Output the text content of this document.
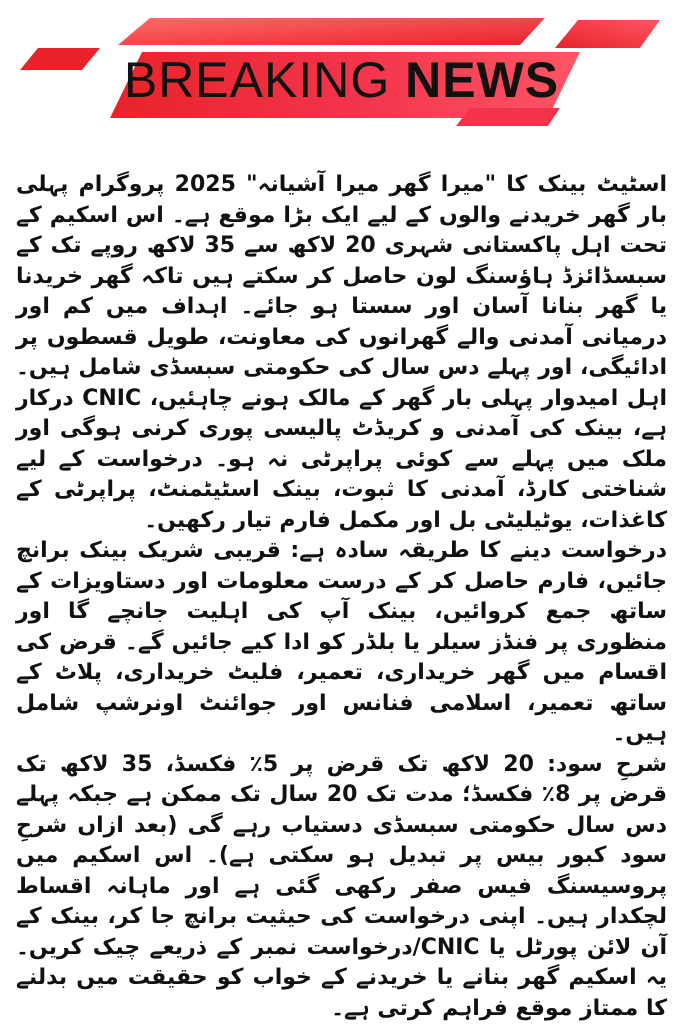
BREAKING NEWS

اسٹیٹ بینک کا "میرا گھر میرا آشیانہ" 2025 پروگرام پہلی بار گھر خریدنے والوں کے لیے ایک بڑا موقع ہے۔ اس اسکیم کے تحت اہل پاکستانی شہری 20 لاکھ سے 35 لاکھ روپے تک کے سبسڈائزڈ ہاؤسنگ لون حاصل کر سکتے ہیں تاکہ گھر خریدنا یا گھر بنانا آسان اور سستا ہو جائے۔ اہداف میں کم اور درمیانی آمدنی والے گھرانوں کی معاونت، طویل قسطوں پر ادائیگی، اور پہلے دس سال کی حکومتی سبسڈی شامل ہیں۔ اہل امیدوار پہلی بار گھر کے مالک ہونے چاہئیں، CNIC درکار ہے، بینک کی آمدنی و کریڈٹ پالیسی پوری کرنی ہوگی اور ملک میں پہلے سے کوئی پراپرٹی نہ ہو۔ درخواست کے لیے شناختی کارڈ، آمدنی کا ثبوت، بینک اسٹیٹمنٹ، پراپرٹی کے کاغذات، یوٹیلیٹی بل اور مکمل فارم تیار رکھیں۔

درخواست دینے کا طریقہ سادہ ہے: قریبی شریک بینک برانچ جائیں، فارم حاصل کر کے درست معلومات اور دستاویزات کے ساتھ جمع کروائیں، بینک آپ کی اہلیت جانچے گا اور منظوری پر فنڈز سیلر یا بلڈر کو ادا کیے جائیں گے۔ قرض کی اقسام میں گھر خریداری، تعمیر، فلیٹ خریداری، پلاٹ کے ساتھ تعمیر، اسلامی فنانس اور جوائنٹ اونرشپ شامل ہیں۔

شرحِ سود: 20 لاکھ تک قرض پر 5٪ فکسڈ، 35 لاکھ تک قرض پر 8٪ فکسڈ؛ مدت تک 20 سال تک ممکن ہے جبکہ پہلے دس سال حکومتی سبسڈی دستیاب رہے گی (بعد ازاں شرحِ سود کبور بیس پر تبدیل ہو سکتی ہے)۔ اس اسکیم میں پروسیسنگ فیس صفر رکھی گئی ہے اور ماہانہ اقساط لچکدار ہیں۔ اپنی درخواست کی حیثیت برانچ جا کر، بینک کے آن لائن پورٹل یا CNIC/درخواست نمبر کے ذریعے چیک کریں۔ یہ اسکیم گھر بنانے یا خریدنے کے خواب کو حقیقت میں بدلنے کا ممتاز موقع فراہم کرتی ہے۔
